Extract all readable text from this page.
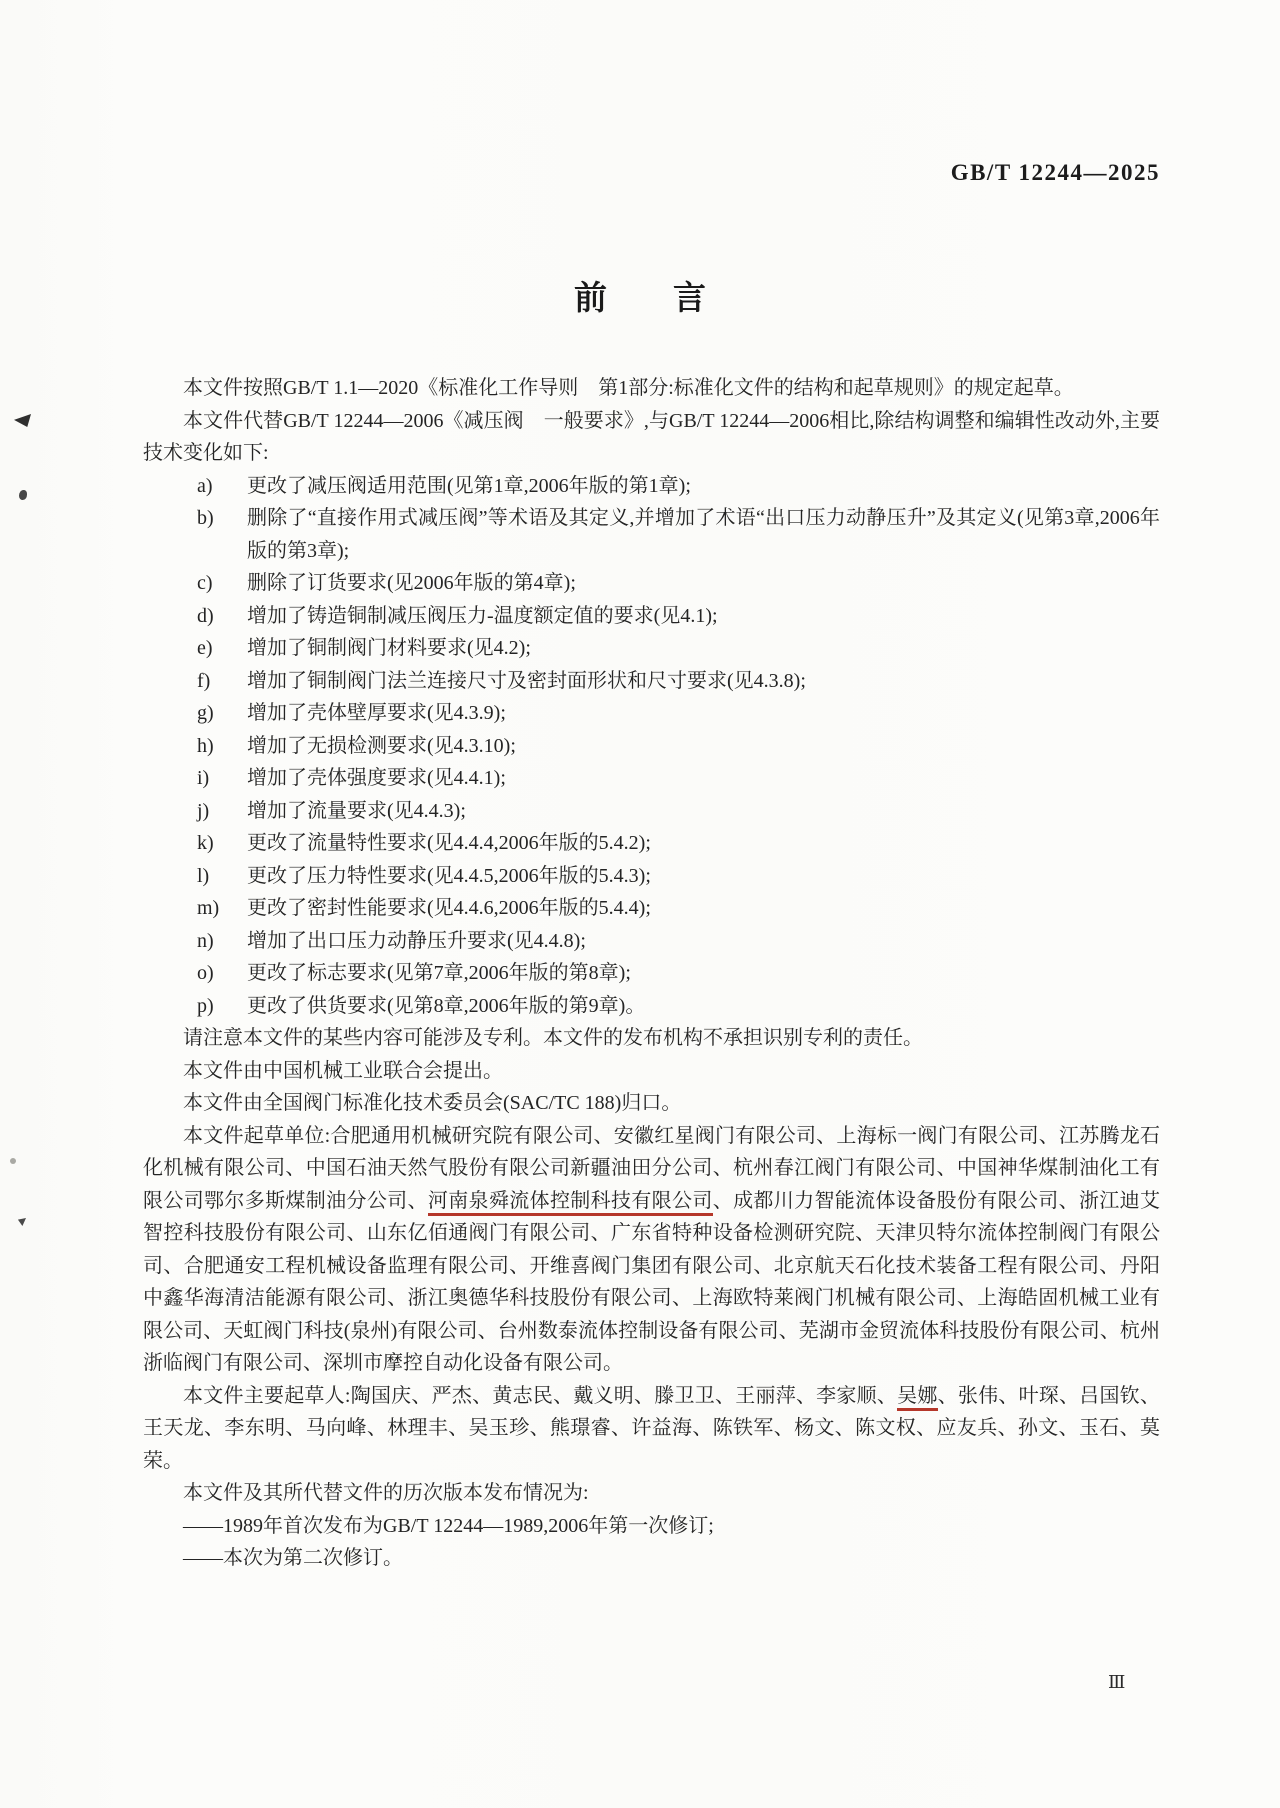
GB/T 12244—2025
前　　言

本文件按照GB/T 1.1—2020《标准化工作导则　第1部分:标准化文件的结构和起草规则》的规定起草。

本文件代替GB/T 12244—2006《减压阀　一般要求》,与GB/T 12244—2006相比,除结构调整和编辑性改动外,主要技术变化如下:

a) 更改了减压阀适用范围(见第1章,2006年版的第1章);
b) 删除了“直接作用式减压阀”等术语及其定义,并增加了术语“出口压力动静压升”及其定义(见第3章,2006年版的第3章);
c) 删除了订货要求(见2006年版的第4章);
d) 增加了铸造铜制减压阀压力-温度额定值的要求(见4.1);
e) 增加了铜制阀门材料要求(见4.2);
f) 增加了铜制阀门法兰连接尺寸及密封面形状和尺寸要求(见4.3.8);
g) 增加了壳体壁厚要求(见4.3.9);
h) 增加了无损检测要求(见4.3.10);
i) 增加了壳体强度要求(见4.4.1);
j) 增加了流量要求(见4.4.3);
k) 更改了流量特性要求(见4.4.4,2006年版的5.4.2);
l) 更改了压力特性要求(见4.4.5,2006年版的5.4.3);
m) 更改了密封性能要求(见4.4.6,2006年版的5.4.4);
n) 增加了出口压力动静压升要求(见4.4.8);
o) 更改了标志要求(见第7章,2006年版的第8章);
p) 更改了供货要求(见第8章,2006年版的第9章)。

请注意本文件的某些内容可能涉及专利。本文件的发布机构不承担识别专利的责任。

本文件由中国机械工业联合会提出。

本文件由全国阀门标准化技术委员会(SAC/TC 188)归口。

本文件起草单位:合肥通用机械研究院有限公司、安徽红星阀门有限公司、上海标一阀门有限公司、江苏腾龙石化机械有限公司、中国石油天然气股份有限公司新疆油田分公司、杭州春江阀门有限公司、中国神华煤制油化工有限公司鄂尔多斯煤制油分公司、河南泉舜流体控制科技有限公司、成都川力智能流体设备股份有限公司、浙江迪艾智控科技股份有限公司、山东亿佰通阀门有限公司、广东省特种设备检测研究院、天津贝特尔流体控制阀门有限公司、合肥通安工程机械设备监理有限公司、开维喜阀门集团有限公司、北京航天石化技术装备工程有限公司、丹阳中鑫华海清洁能源有限公司、浙江奥德华科技股份有限公司、上海欧特莱阀门机械有限公司、上海皓固机械工业有限公司、天虹阀门科技(泉州)有限公司、台州数泰流体控制设备有限公司、芜湖市金贸流体科技股份有限公司、杭州浙临阀门有限公司、深圳市摩控自动化设备有限公司。

本文件主要起草人:陶国庆、严杰、黄志民、戴义明、滕卫卫、王丽萍、李家顺、吴娜、张伟、叶琛、吕国钦、王天龙、李东明、马向峰、林理丰、吴玉珍、熊璟睿、许益海、陈铁军、杨文、陈文权、应友兵、孙文、玉石、莫荣。

本文件及其所代替文件的历次版本发布情况为:

——1989年首次发布为GB/T 12244—1989,2006年第一次修订;

——本次为第二次修订。

Ⅲ
